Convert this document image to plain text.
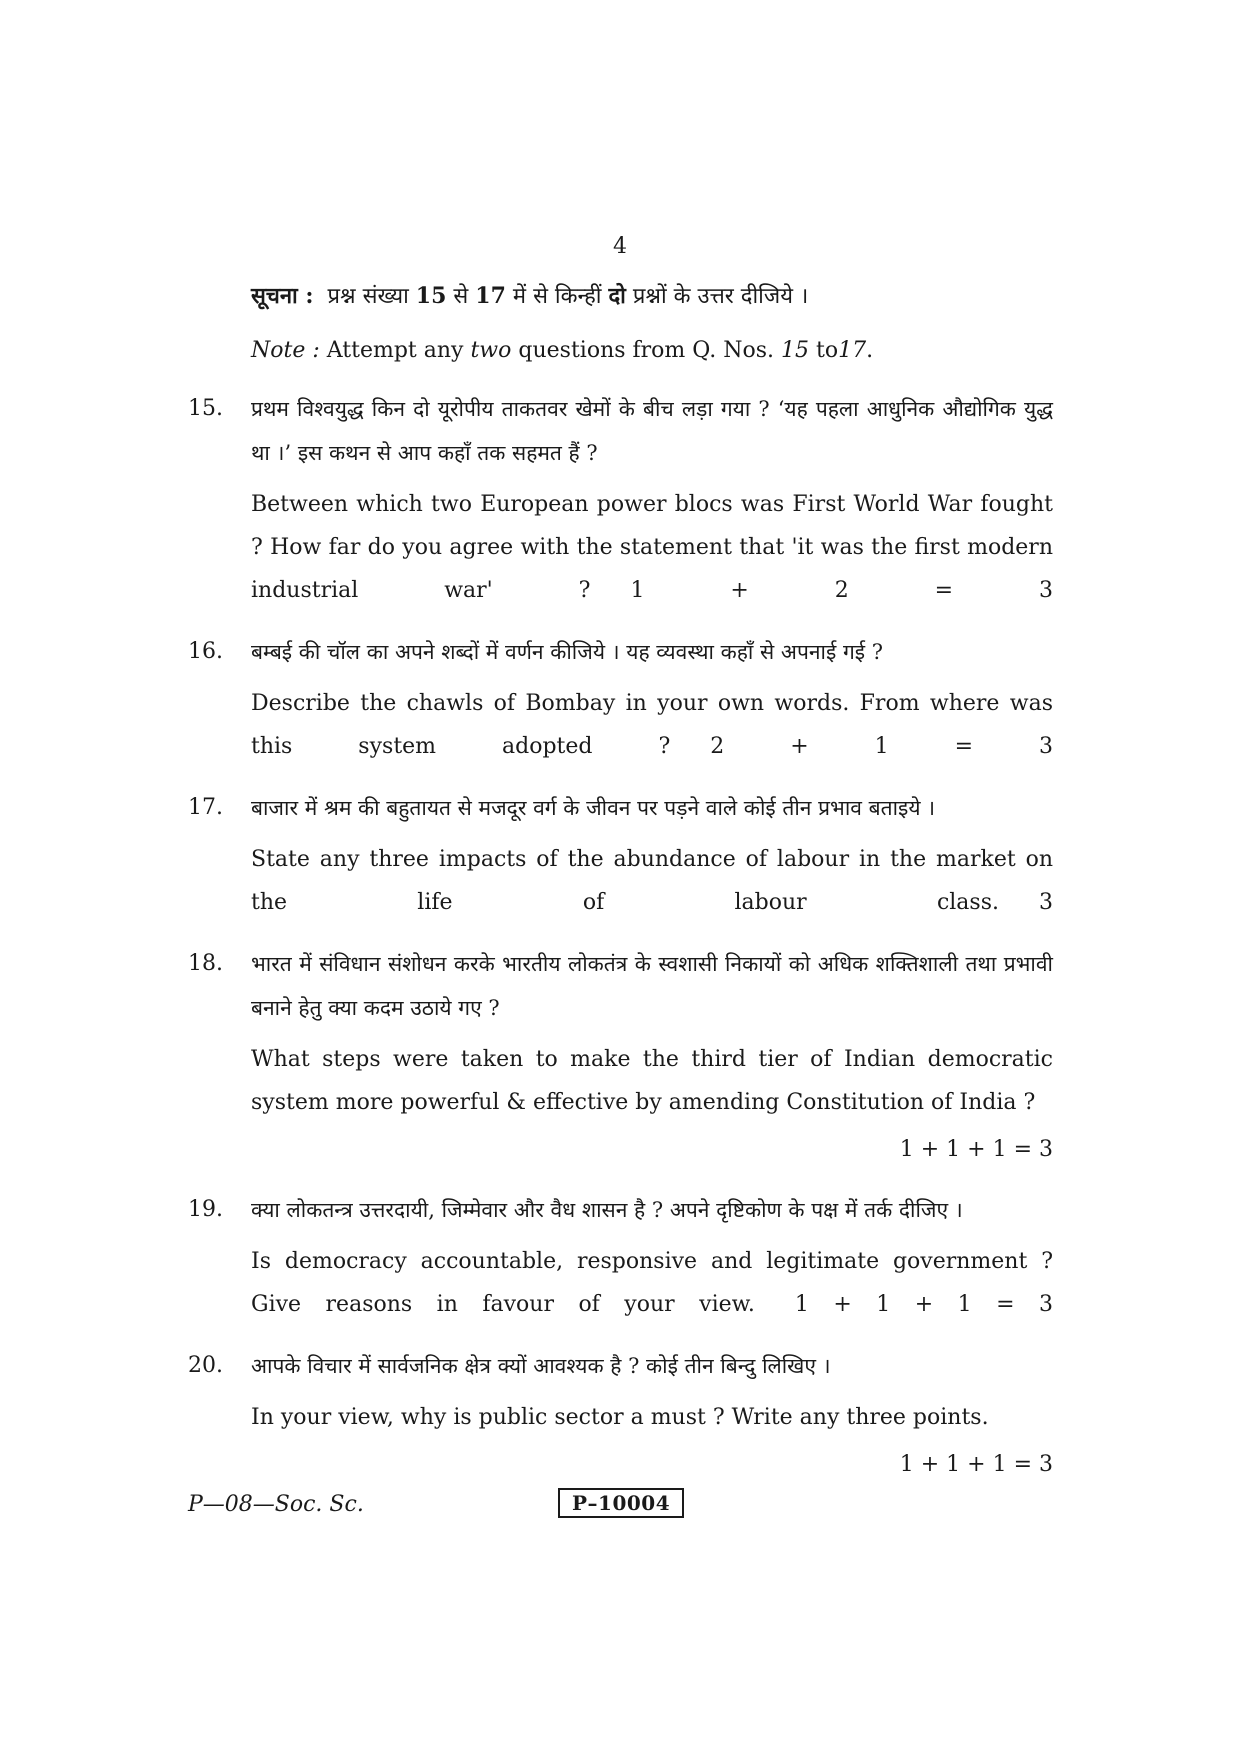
4
सूचना : प्रश्न संख्या 15 से 17 में से किन्हीं दो प्रश्नों के उत्तर दीजिये ।
Note : Attempt any two questions from Q. Nos. 15 to17.
15.	प्रथम विश्वयुद्ध किन दो यूरोपीय ताकतवर खेमों के बीच लड़ा गया ? ‘यह पहला आधुनिक औद्योगिक युद्ध था ।’ इस कथन से आप कहाँ तक सहमत हैं ?
Between which two European power blocs was First World War fought ? How far do you agree with the statement that 'it was the first modern industrial war' ? 1 + 2 = 3
16.	बम्बई की चॉल का अपने शब्दों में वर्णन कीजिये । यह व्यवस्था कहाँ से अपनाई गई ?
Describe the chawls of Bombay in your own words. From where was this system adopted ? 2 + 1 = 3
17.	बाजार में श्रम की बहुतायत से मजदूर वर्ग के जीवन पर पड़ने वाले कोई तीन प्रभाव बताइये ।
State any three impacts of the abundance of labour in the market on the life of labour class. 3
18.	भारत में संविधान संशोधन करके भारतीय लोकतंत्र के स्वशासी निकायों को अधिक शक्तिशाली तथा प्रभावी बनाने हेतु क्या कदम उठाये गए ?
What steps were taken to make the third tier of Indian democratic system more powerful & effective by amending Constitution of India ?
1 + 1 + 1 = 3
19.	क्या लोकतन्त्र उत्तरदायी, जिम्मेवार और वैध शासन है ? अपने दृष्टिकोण के पक्ष में तर्क दीजिए ।
Is democracy accountable, responsive and legitimate government ? Give reasons in favour of your view. 1 + 1 + 1 = 3
20.	आपके विचार में सार्वजनिक क्षेत्र क्यों आवश्यक है ? कोई तीन बिन्दु लिखिए ।
In your view, why is public sector a must ? Write any three points.
1 + 1 + 1 = 3
P—08—Soc. Sc.	P–10004
